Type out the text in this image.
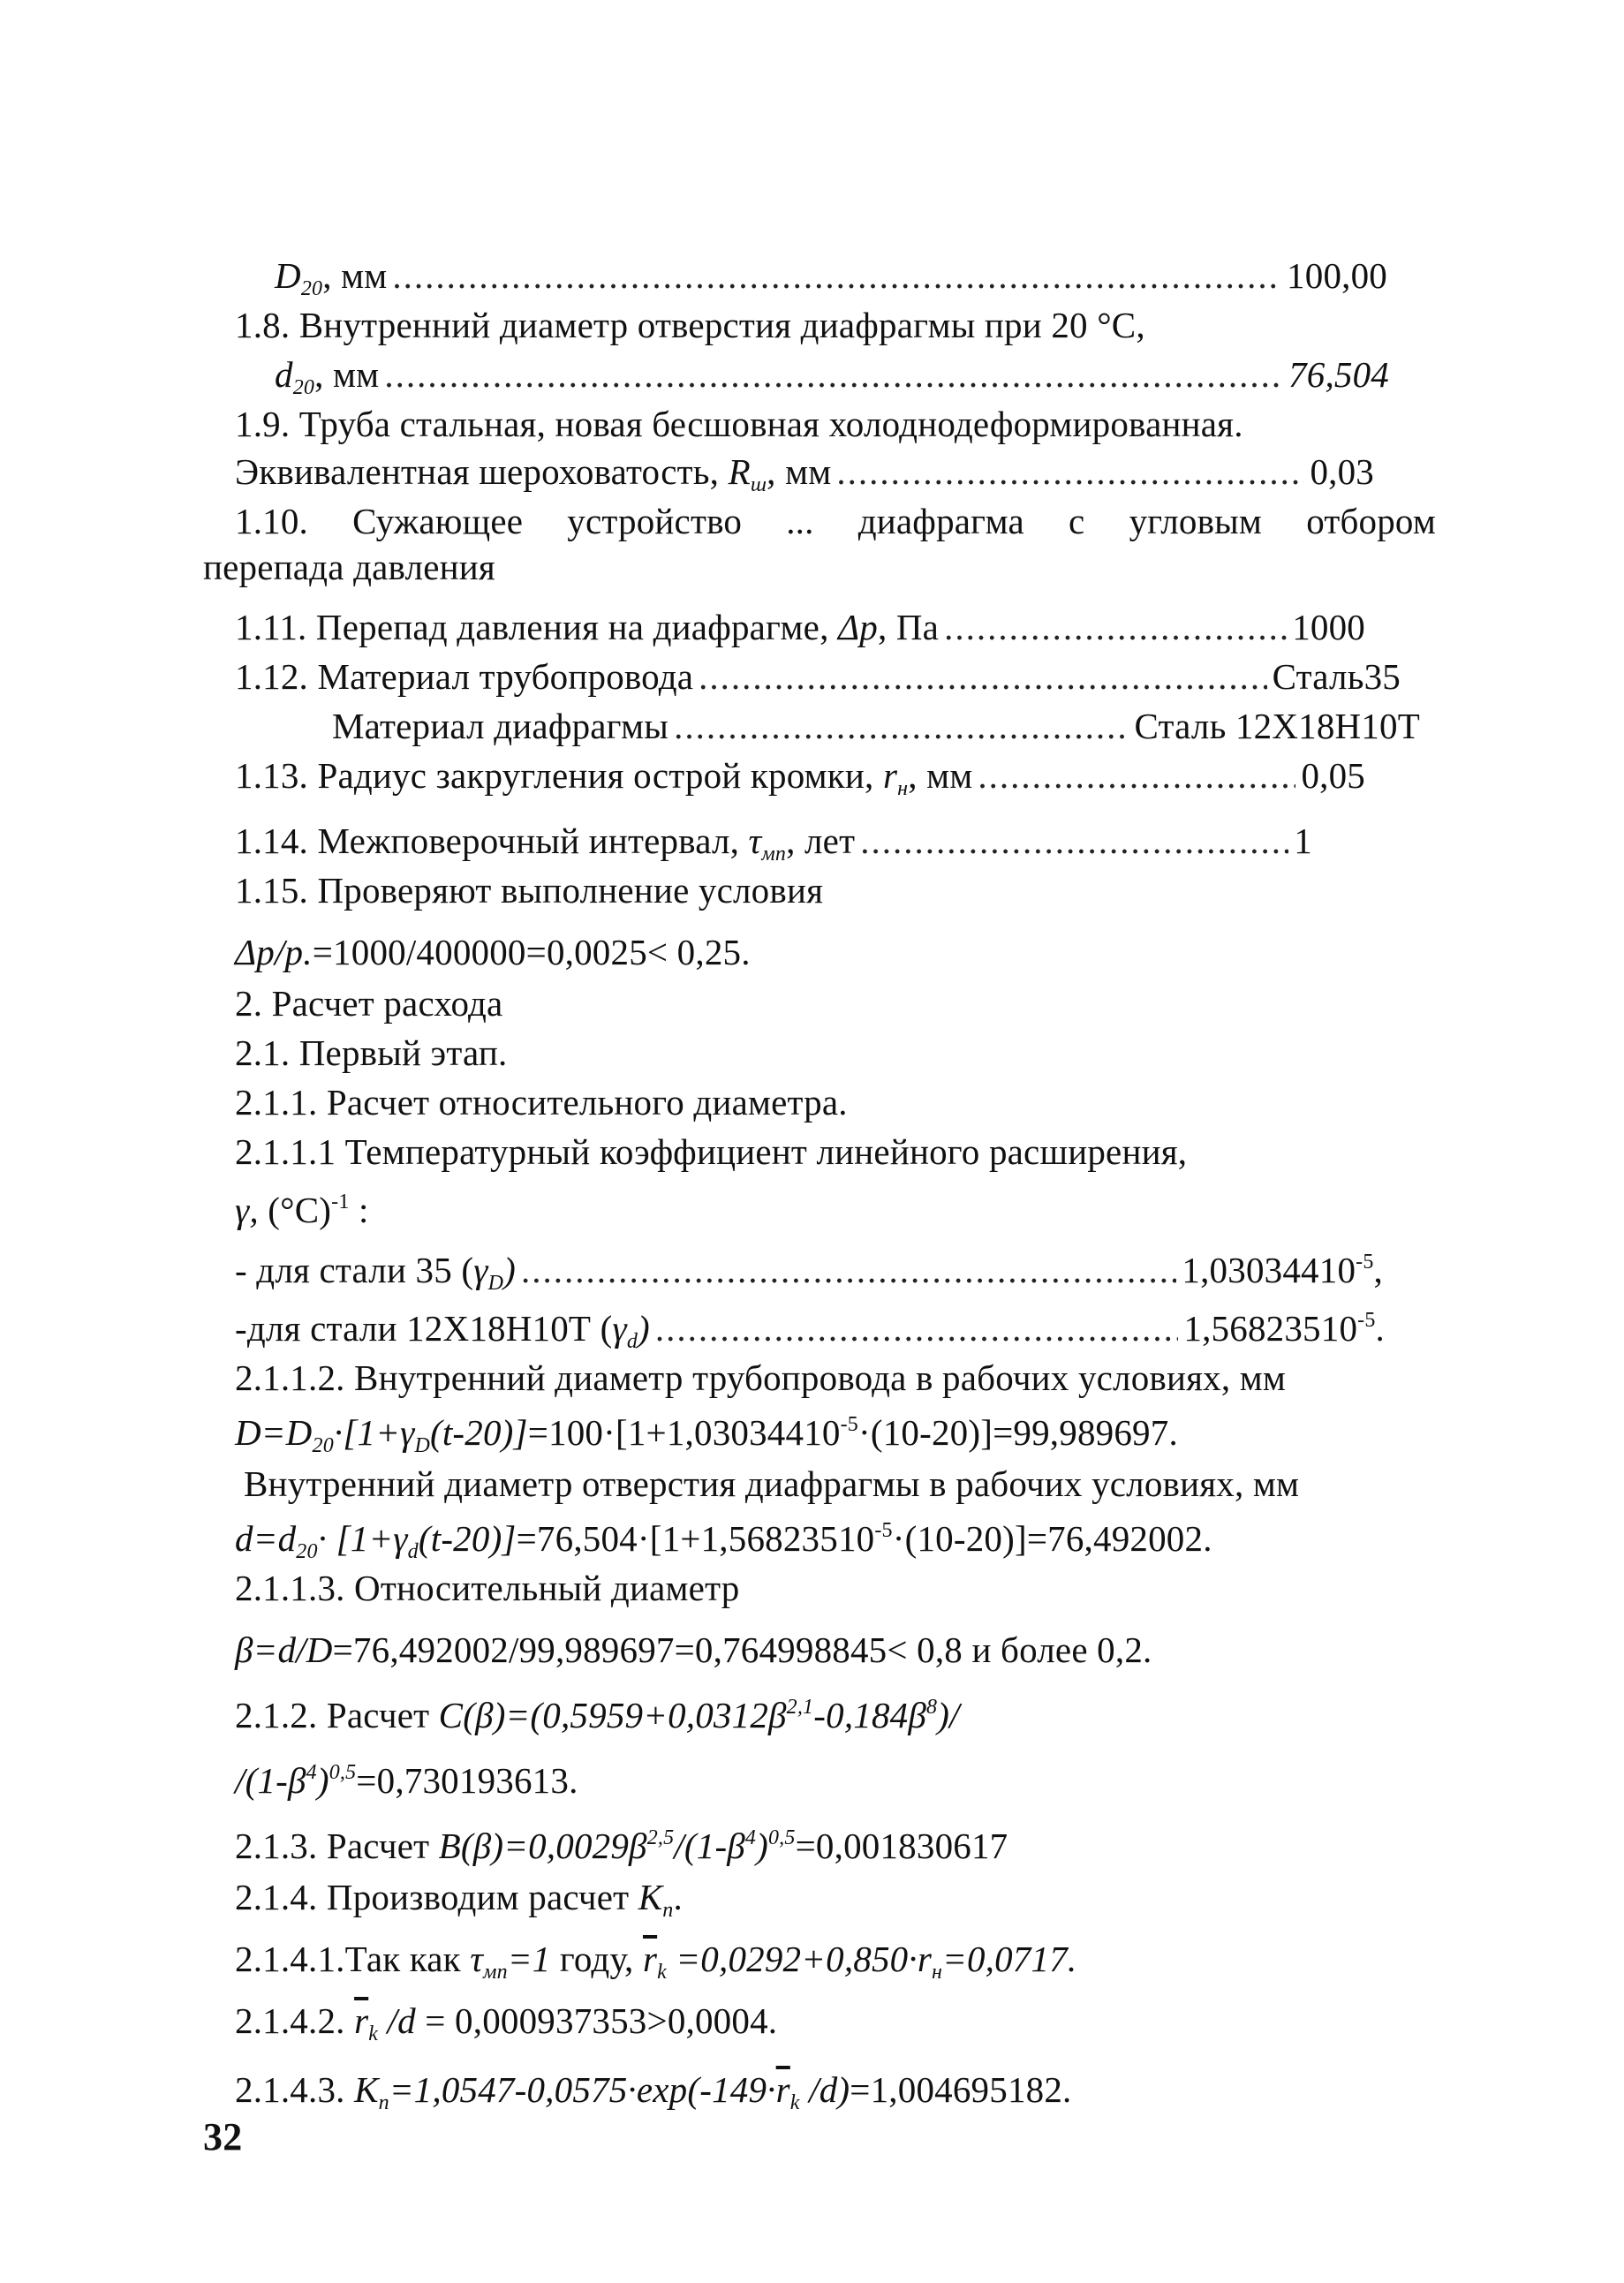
$D_{20}$, мм .....	100,00
1.8. Внутренний диаметр отверстия диафрагмы при 20 °С,
$d_{20}$, мм .....	76,504
1.9. Труба стальная, новая бесшовная холоднодеформированная.
Эквивалентная шероховатость, $R_ш$, мм .....	0,03
1.10. Сужающее устройство ... диафрагма с угловым отбором
перепада давления
1.11. Перепад давления на диафрагме, Δp, Па .....	1000
1.12. Материал трубопровода .....	Сталь35
Материал диафрагмы .....	Сталь 12Х18Н10Т
1.13. Радиус закругления острой кромки, $r_н$, мм .....	0,05
1.14. Межповерочный интервал, $\tau_{мп}$, лет .....	1
1.15. Проверяют выполнение условия
Δp/p.=1000/400000=0,0025< 0,25.
2. Расчет расхода
2.1. Первый этап.
2.1.1. Расчет относительного диаметра.
2.1.1.1 Температурный коэффициент линейного расширения,
γ, $(^\circ С)^{-1}$ :
- для стали 35 $(\gamma_D)$ .....	$1,03034410^{-5}$,
-для стали 12Х18Н10Т $(\gamma_d)$ .....	$1,56823510^{-5}$.
2.1.1.2. Внутренний диаметр трубопровода в рабочих условиях, мм
$D=D_{20}\cdot[1+\gamma_D(t-20)]=100\cdot[1+1,03034410^{-5}\cdot(10-20)]=99,989697$.
Внутренний диаметр отверстия диафрагмы в рабочих условиях, мм
$d=d_{20}\cdot [1+\gamma_d(t-20)]=76,504\cdot[1+1,56823510^{-5}\cdot(10-20)]=76,492002$.
2.1.1.3. Относительный диаметр
β=d/D=76,492002/99,989697=0,764998845< 0,8 и более 0,2.
2.1.2. Расчет $C(\beta)=(0,5959+0,0312\beta^{2,1}-0,184\beta^8)/$
$/(1-\beta^4)^{0,5}=0,730193613$.
2.1.3. Расчет $B(\beta)=0,0029\beta^{2,5}/(1-\beta^4)^{0,5}=0,001830617$
2.1.4. Производим расчет $K_п$.
2.1.4.1.Так как $\tau_{мп}=1$ году, $\overline{r}_k =0,0292+0,850\cdot r_н=0,0717$.
2.1.4.2. $\overline{r}_k$ /d = 0,000937353>0,0004.
2.1.4.3. $K_п=1,0547-0,0575\cdot\exp(-149\cdot\overline{r}_k$ /d)=1,004695182.
32
